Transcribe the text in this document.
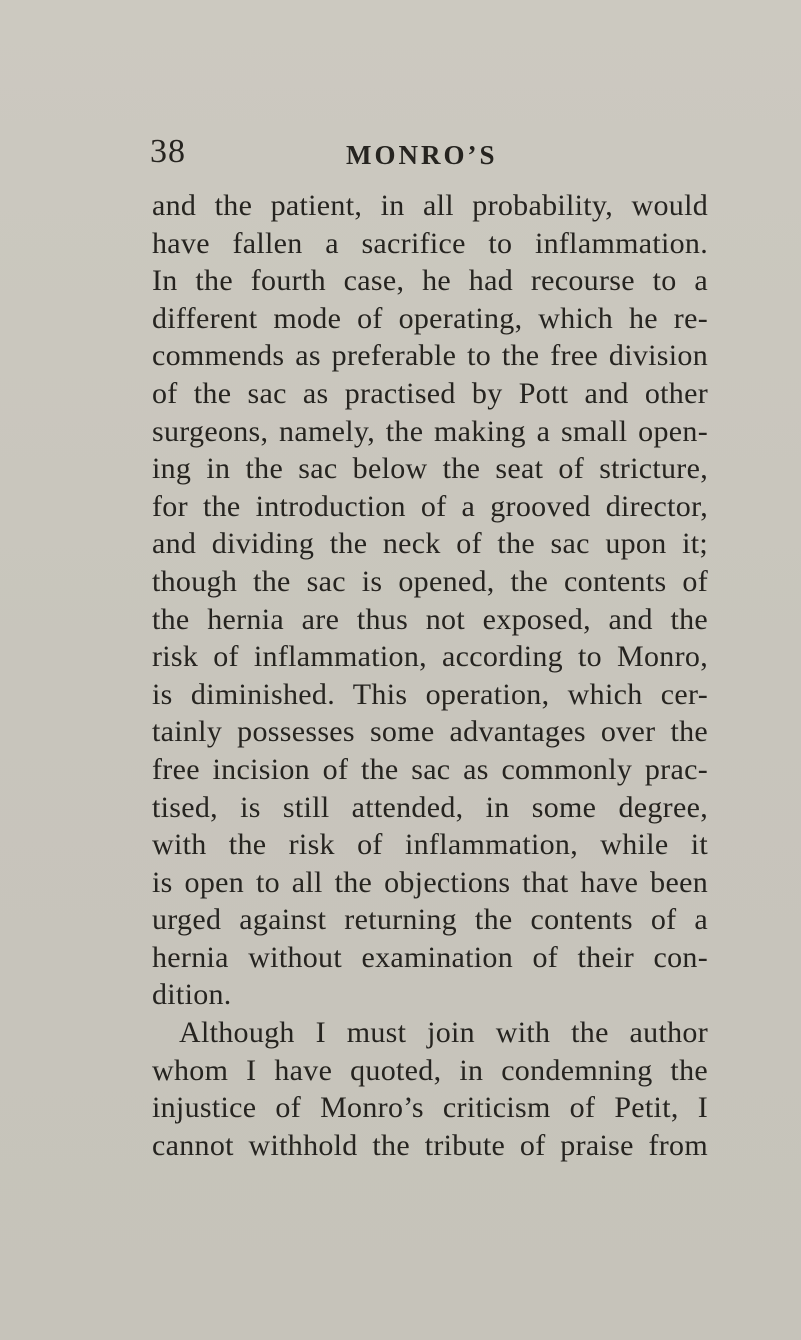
38	MONRO’S
and the patient, in all probability, would
have fallen a sacrifice to inflammation.
In the fourth case, he had recourse to a
different mode of operating, which he re-
commends as preferable to the free division
of the sac as practised by Pott and other
surgeons, namely, the making a small open-
ing in the sac below the seat of stricture,
for the introduction of a grooved director,
and dividing the neck of the sac upon it;
though the sac is opened, the contents of
the hernia are thus not exposed, and the
risk of inflammation, according to Monro,
is diminished. This operation, which cer-
tainly possesses some advantages over the
free incision of the sac as commonly prac-
tised, is still attended, in some degree,
with the risk of inflammation, while it
is open to all the objections that have been
urged against returning the contents of a
hernia without examination of their con-
dition.
Although I must join with the author
whom I have quoted, in condemning the
injustice of Monro’s criticism of Petit, I
cannot withhold the tribute of praise from
